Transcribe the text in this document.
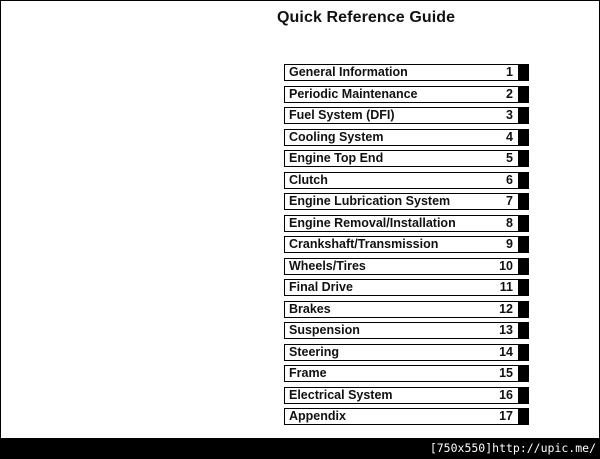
Quick Reference Guide
General Information	1
Periodic Maintenance	2
Fuel System (DFI)	3
Cooling System	4
Engine Top End	5
Clutch	6
Engine Lubrication System	7
Engine Removal/Installation	8
Crankshaft/Transmission	9
Wheels/Tires	10
Final Drive	11
Brakes	12
Suspension	13
Steering	14
Frame	15
Electrical System	16
Appendix	17
[750x550]http://upic.me/
